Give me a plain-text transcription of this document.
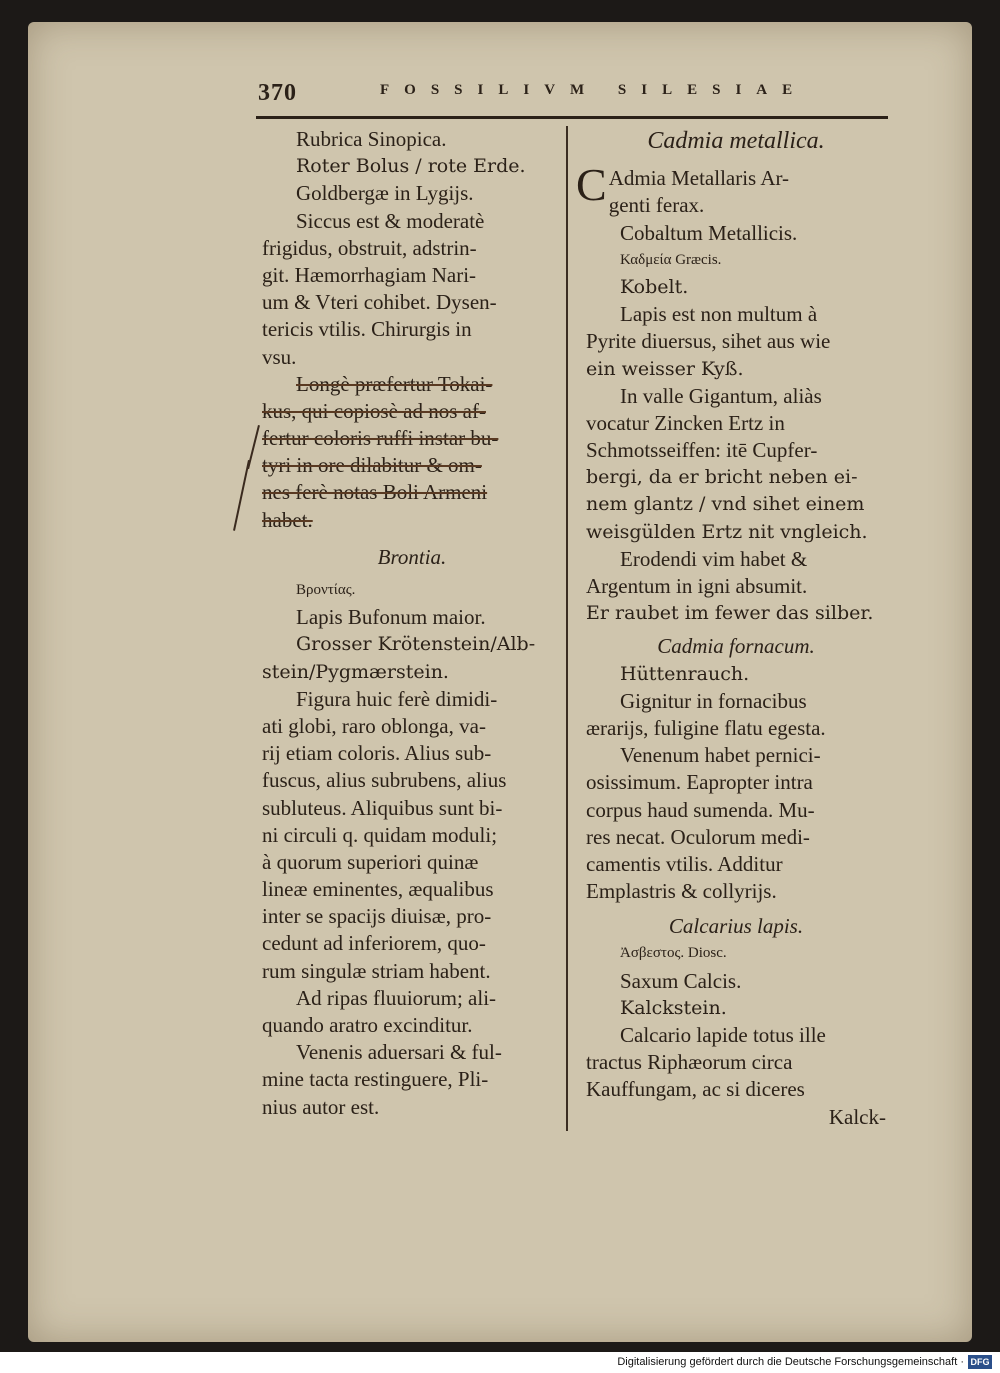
370	FOSSILIVM SILESIAE
Rubrica Sinopica.
Roter Bolus / rote Erde.
Goldbergæ in Lygijs.
Siccus est & moderatè
frigidus, obstruit, adstrin-
git. Hæmorrhagiam Nari-
um & Vteri cohibet. Dysen-
tericis vtilis. Chirurgis in
vsu.
Longè præfertur Tokai-
kus, qui copiosè ad nos af-
fertur coloris ruffi instar bu-
tyri in ore dilabitur & om-
nes ferè notas Boli Armeni
habet.
Brontia.
Βροντίας.
Lapis Bufonum maior.
Grosser Krötenstein/Alb-
stein/Pygmærstein.
Figura huic ferè dimidi-
ati globi, raro oblonga, va-
rij etiam coloris. Alius sub-
fuscus, alius subrubens, alius
subluteus. Aliquibus sunt bi-
ni circuli q. quidam moduli;
à quorum superiori quinæ
lineæ eminentes, æqualibus
inter se spacijs diuisæ, pro-
cedunt ad inferiorem, quo-
rum singulæ striam habent.
Ad ripas fluuiorum; ali-
quando aratro excinditur.
Venenis aduersari & ful-
mine tacta restinguere, Pli-
nius autor est.
Cadmia metallica.
C Admia Metallaris Ar-
genti ferax.
Cobaltum Metallicis.
Καδμεία Græcis.
Kobelt.
Lapis est non multum à
Pyrite diuersus, sihet aus wie
ein weisser Kyß.
In valle Gigantum, aliàs
vocatur Zincken Ertz in
Schmotsseiffen: itē Cupfer-
bergi, da er bricht neben ei-
nem glantz / vnd sihet einem
weisgülden Ertz nit vngleich.
Erodendi vim habet &
Argentum in igni absumit.
Er raubet im fewer das silber.
Cadmia fornacum.
Hüttenrauch.
Gignitur in fornacibus
ærarijs, fuligine flatu egesta.
Venenum habet pernici-
osissimum. Eapropter intra
corpus haud sumenda. Mu-
res necat. Oculorum medi-
camentis vtilis. Additur
Emplastris & collyrijs.
Calcarius lapis.
Ἀσβεστος. Diosc.
Saxum Calcis.
Kalckstein.
Calcario lapide totus ille
tractus Riphæorum circa
Kauffungam, ac si diceres
Kalck-
Digitalisierung gefördert durch die Deutsche Forschungsgemeinschaft · DFG
